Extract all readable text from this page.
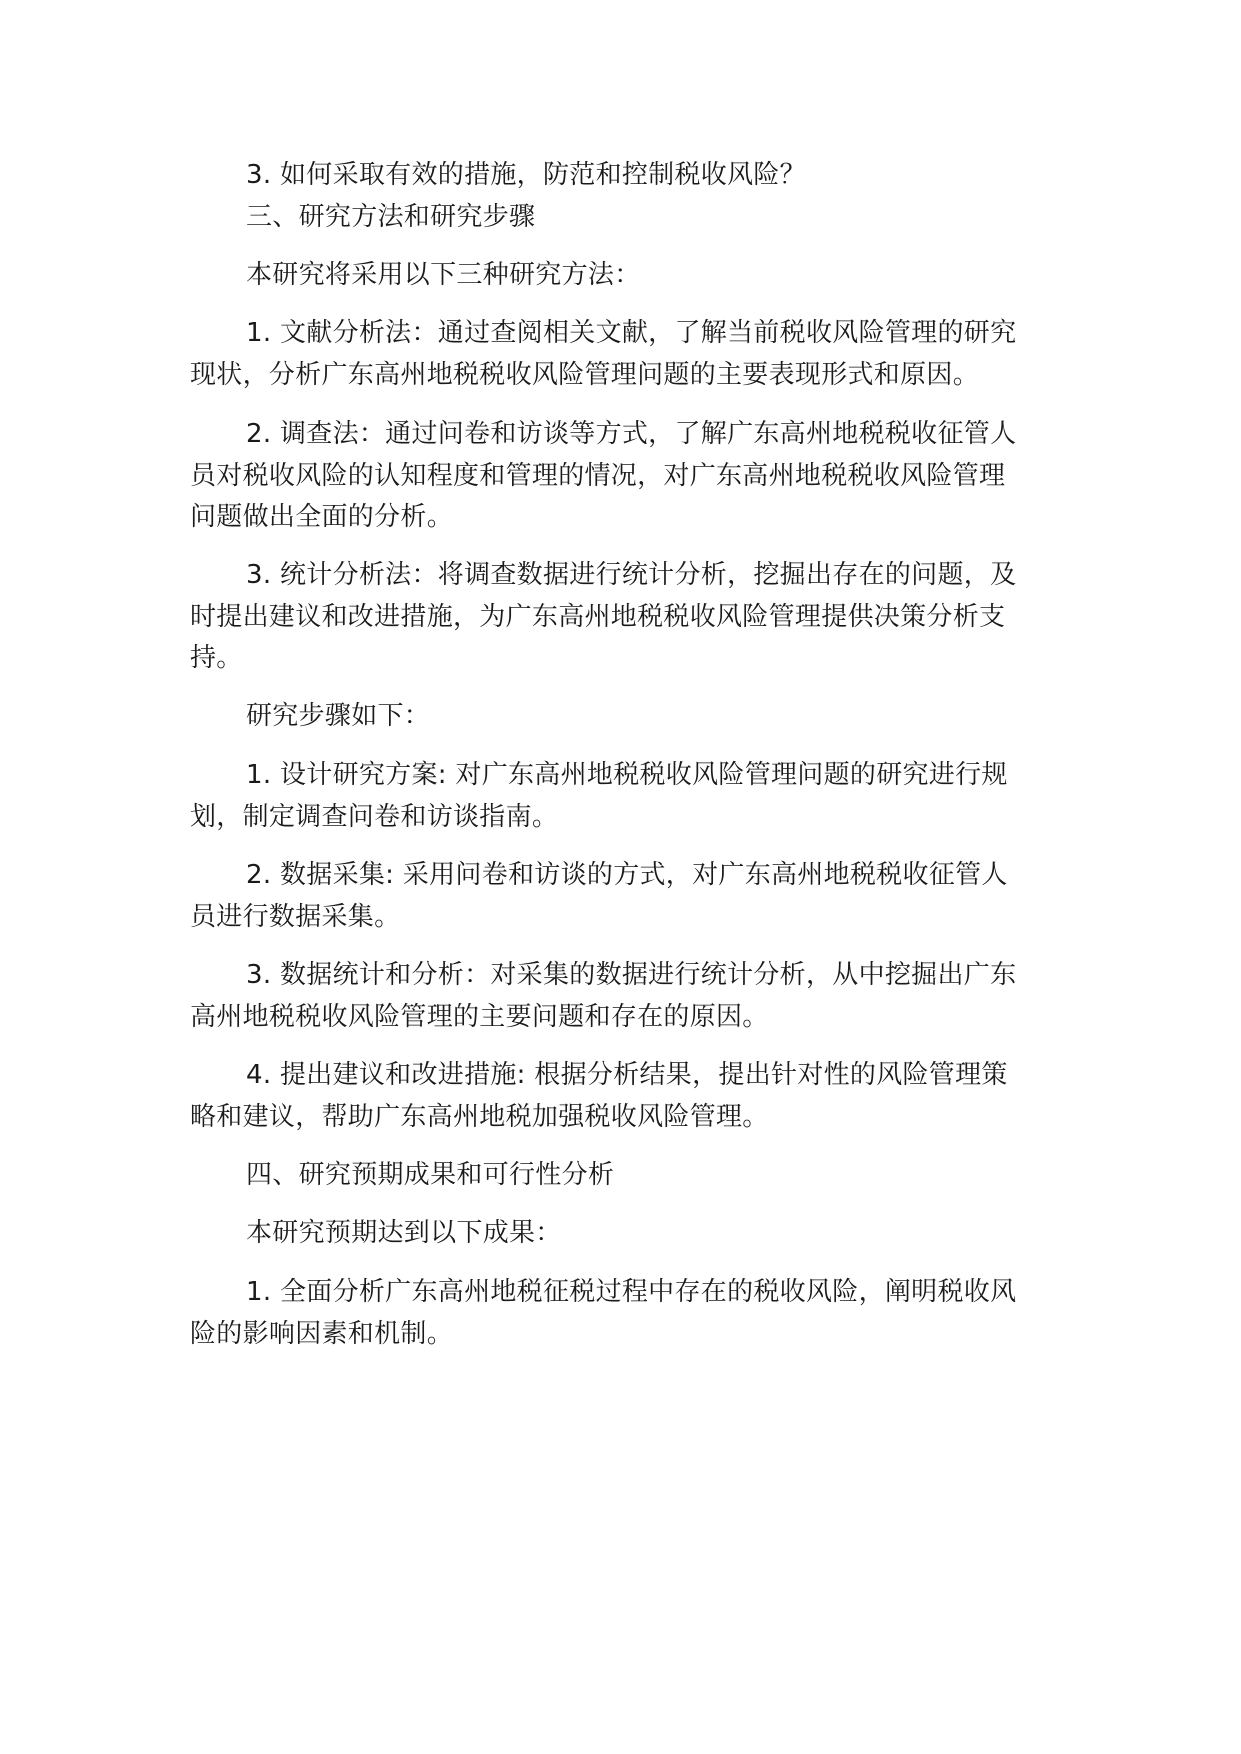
3. 如何采取有效的措施，防范和控制税收风险？

三、研究方法和研究步骤

本研究将采用以下三种研究方法：

1. 文献分析法：通过查阅相关文献，了解当前税收风险管理的研究

现状，分析广东高州地税税收风险管理问题的主要表现形式和原因。

2. 调查法：通过问卷和访谈等方式，了解广东高州地税税收征管人

员对税收风险的认知程度和管理的情况，对广东高州地税税收风险管理

问题做出全面的分析。

3. 统计分析法：将调查数据进行统计分析，挖掘出存在的问题，及

时提出建议和改进措施，为广东高州地税税收风险管理提供决策分析支

持。

研究步骤如下：

1. 设计研究方案: 对广东高州地税税收风险管理问题的研究进行规

划，制定调查问卷和访谈指南。

2. 数据采集: 采用问卷和访谈的方式，对广东高州地税税收征管人

员进行数据采集。

3. 数据统计和分析：对采集的数据进行统计分析，从中挖掘出广东

高州地税税收风险管理的主要问题和存在的原因。

4. 提出建议和改进措施: 根据分析结果，提出针对性的风险管理策

略和建议，帮助广东高州地税加强税收风险管理。

四、研究预期成果和可行性分析

本研究预期达到以下成果：

1. 全面分析广东高州地税征税过程中存在的税收风险，阐明税收风

险的影响因素和机制。
